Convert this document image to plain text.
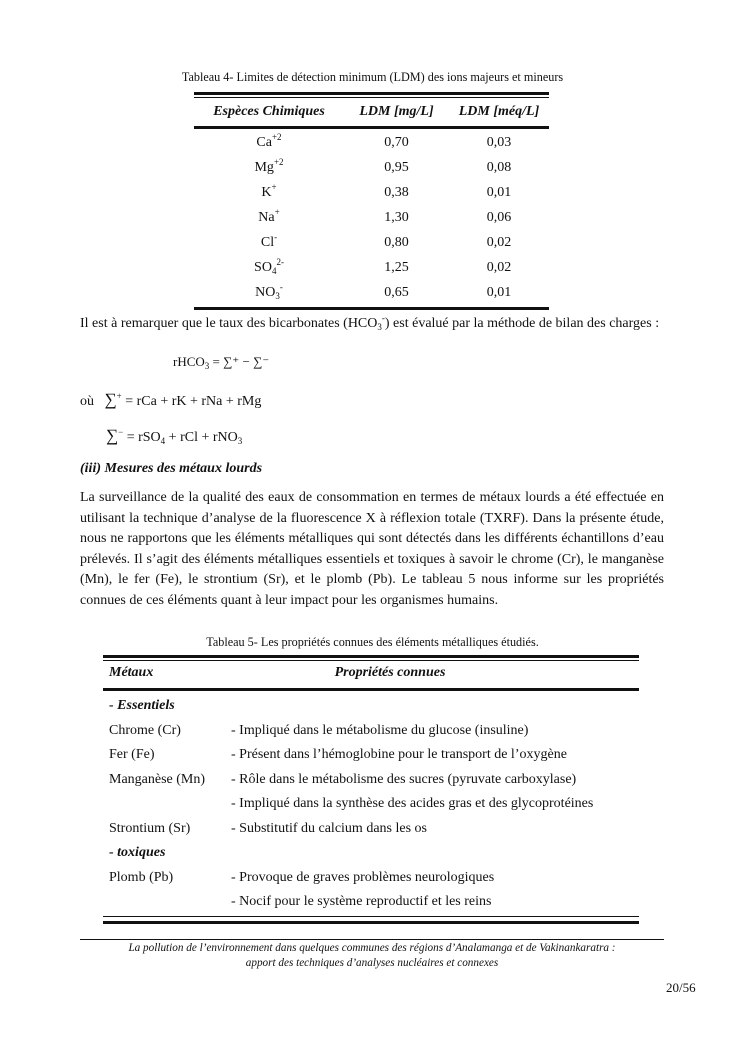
Tableau 4- Limites de détection minimum (LDM) des ions majeurs et mineurs
Espèces Chimiques	LDM [mg/L]	LDM [méq/L]
$Ca^{+2}$	0,70	0,03
$Mg^{+2}$	0,95	0,08
K+	0,38	0,01
Na+	1,30	0,06
Cl-	0,80	0,02
$SO_4^{2-}$	1,25	0,02
$NO_3^-$	0,65	0,01
Il est à remarquer que le taux des bicarbonates $(HCO_3^-)$ est évalué par la méthode de bilan des charges :
rHCO$_3$ = ∑⁺ − ∑⁻
où ∑+ = rCa + rK + rNa + rMg
∑− = rSO$_4$ + rCl + rNO$_3$
(iii) Mesures des métaux lourds
La surveillance de la qualité des eaux de consommation en termes de métaux lourds a été effectuée en utilisant la technique d’analyse de la fluorescence X à réflexion totale (TXRF). Dans la présente étude, nous ne rapportons que les éléments métalliques qui sont détectés dans les différents échantillons d’eau prélevés. Il s’agit des éléments métalliques essentiels et toxiques à savoir le chrome (Cr), le manganèse (Mn), le fer (Fe), le strontium (Sr), et le plomb (Pb). Le tableau 5 nous informe sur les propriétés connues de ces éléments quant à leur impact pour les organismes humains.
Tableau 5- Les propriétés connues des éléments métalliques étudiés.
Métaux	Propriétés connues
- Essentiels
Chrome (Cr)	- Impliqué dans le métabolisme du glucose (insuline)
Fer (Fe)	- Présent dans l’hémoglobine pour le transport de l’oxygène
Manganèse (Mn)	- Rôle dans le métabolisme des sucres (pyruvate carboxylase)
- Impliqué dans la synthèse des acides gras et des glycoprotéines
Strontium (Sr)	- Substitutif du calcium dans les os
- toxiques
Plomb (Pb)	- Provoque de graves problèmes neurologiques
- Nocif pour le système reproductif et les reins
La pollution de l’environnement dans quelques communes des régions d’Analamanga et de Vakinankaratra :
apport des techniques d’analyses nucléaires et connexes
20/56
